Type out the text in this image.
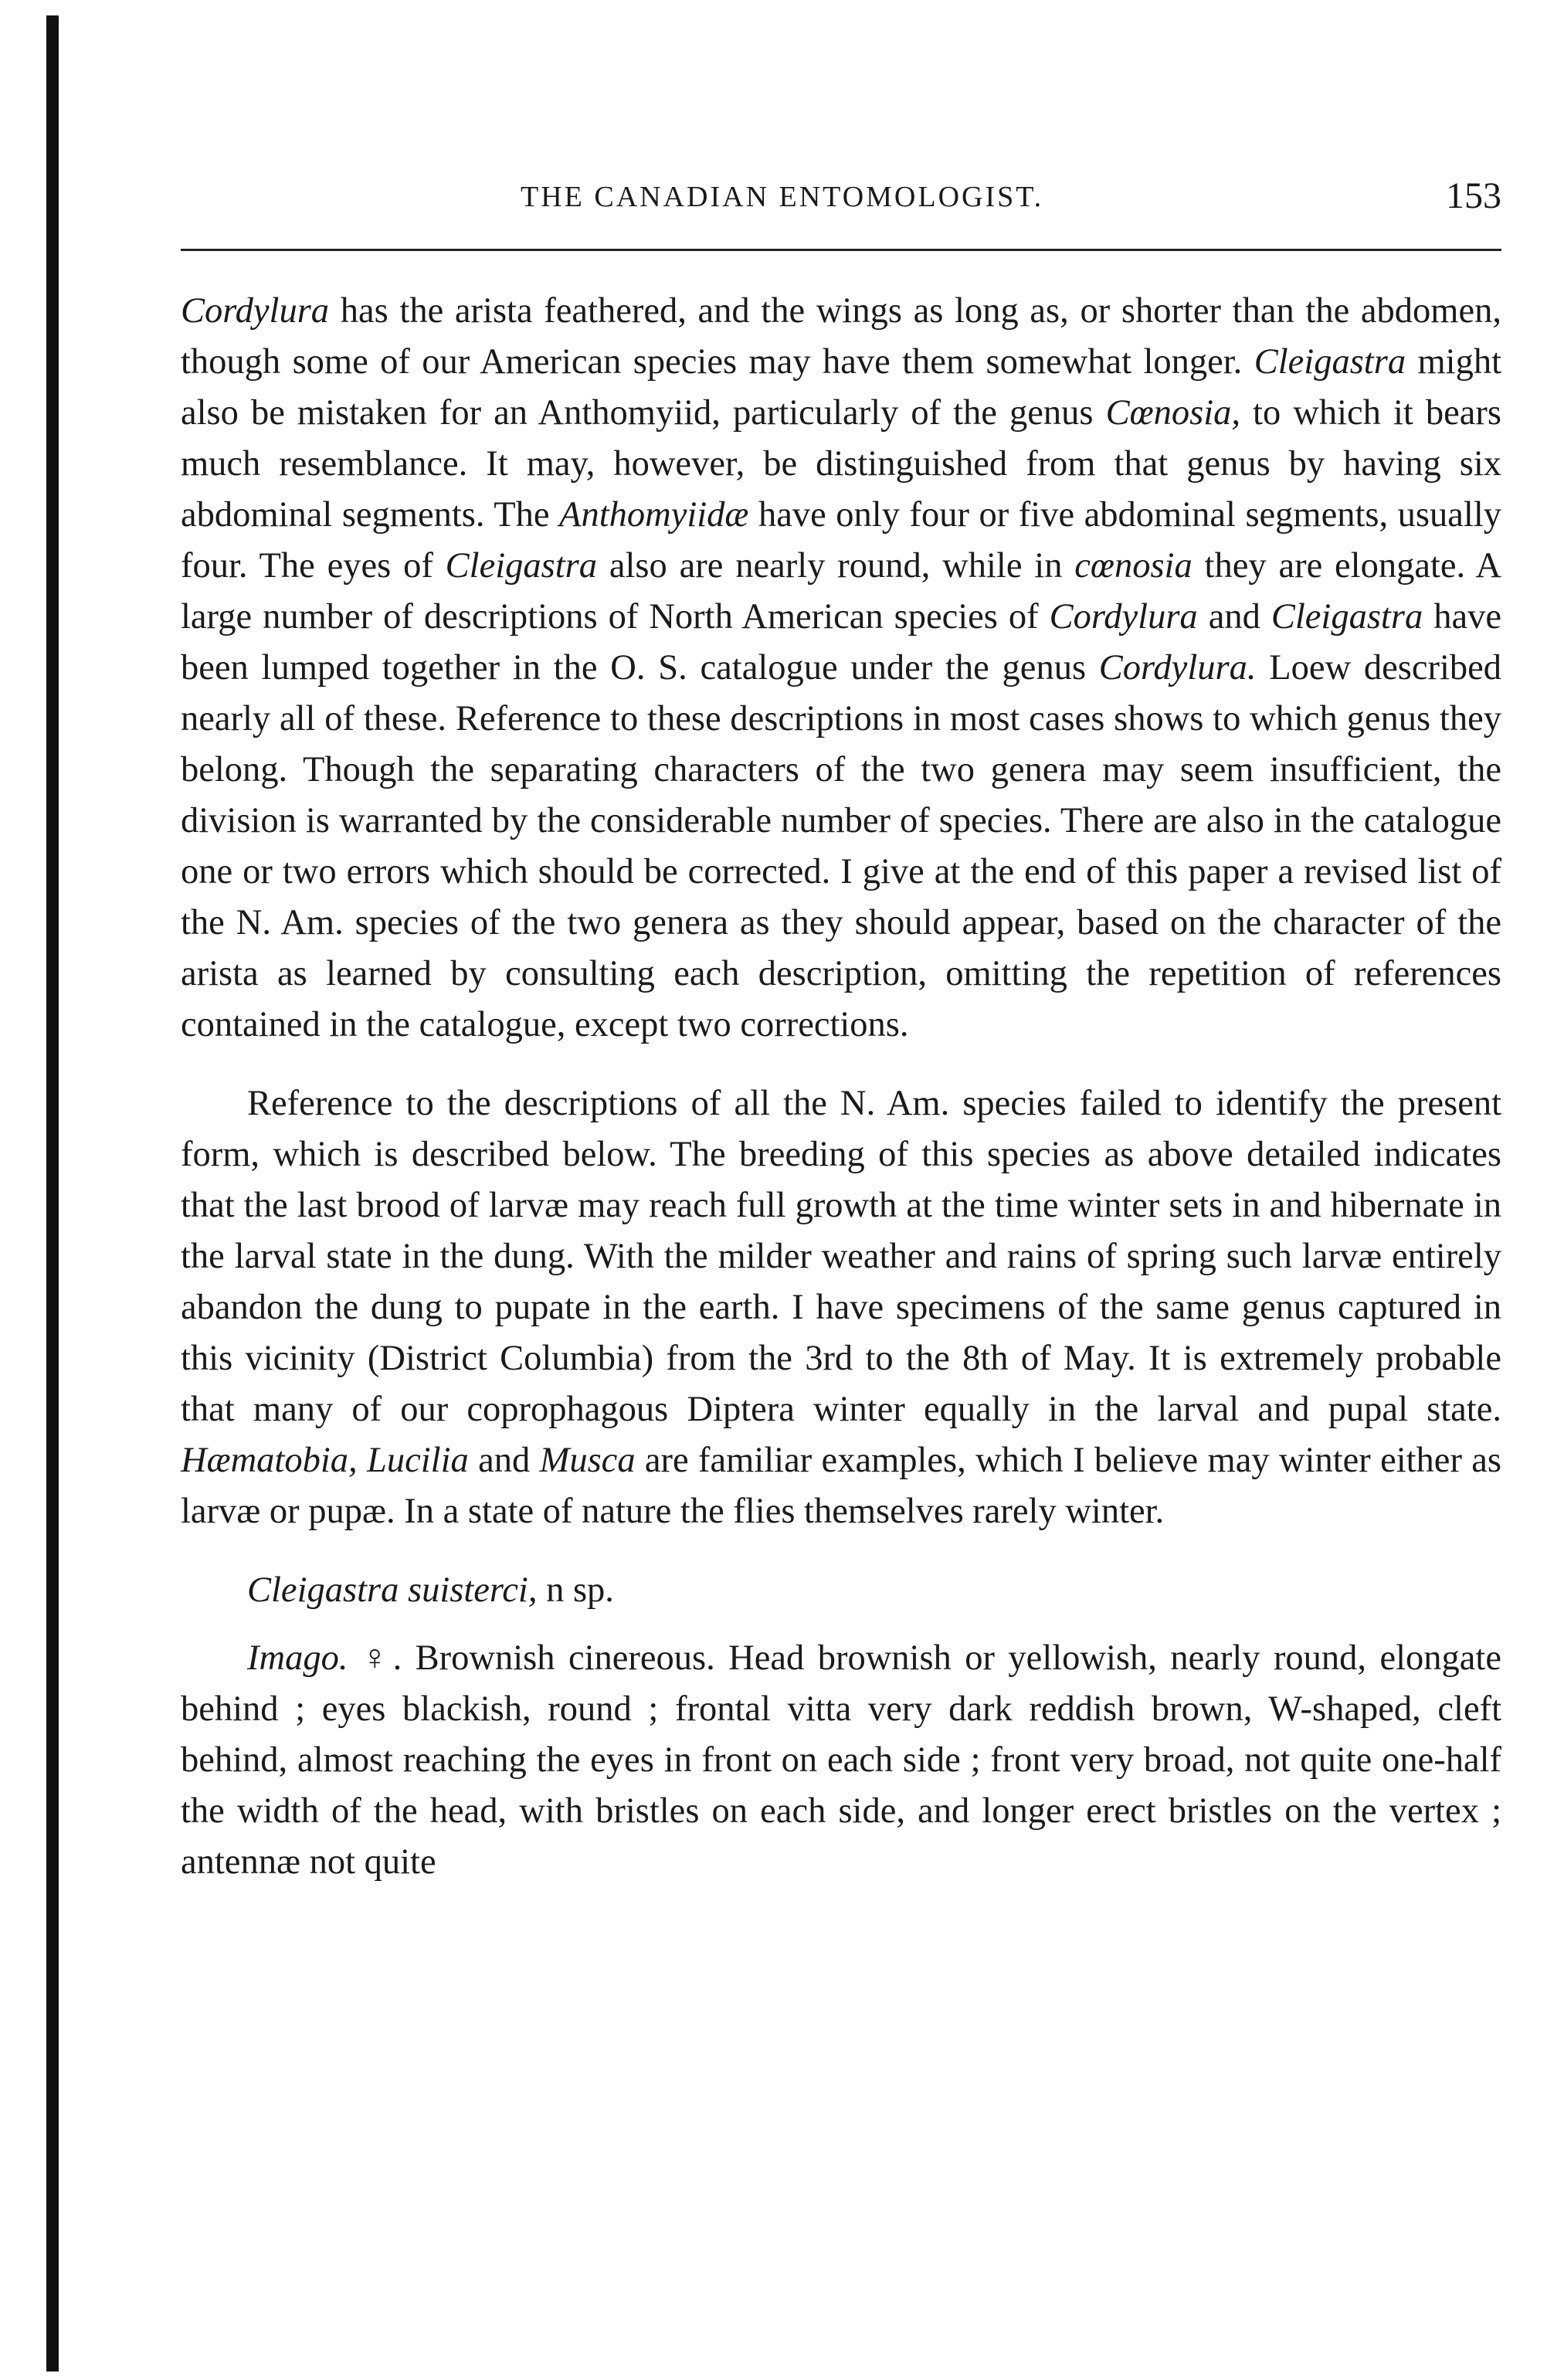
THE CANADIAN ENTOMOLOGIST.	153

Cordylura has the arista feathered, and the wings as long as, or shorter than the abdomen, though some of our American species may have them somewhat longer. Cleigastra might also be mistaken for an Anthomyiid, particularly of the genus Cœnosia, to which it bears much resemblance. It may, however, be distinguished from that genus by having six abdominal segments. The Anthomyiidæ have only four or five abdominal segments, usually four. The eyes of Cleigastra also are nearly round, while in cœnosia they are elongate. A large number of descriptions of North American species of Cordylura and Cleigastra have been lumped together in the O. S. catalogue under the genus Cordylura. Loew described nearly all of these. Reference to these descriptions in most cases shows to which genus they belong. Though the separating characters of the two genera may seem insufficient, the division is warranted by the considerable number of species. There are also in the catalogue one or two errors which should be corrected. I give at the end of this paper a revised list of the N. Am. species of the two genera as they should appear, based on the character of the arista as learned by consulting each description, omitting the repetition of references contained in the catalogue, except two corrections.

Reference to the descriptions of all the N. Am. species failed to identify the present form, which is described below. The breeding of this species as above detailed indicates that the last brood of larvæ may reach full growth at the time winter sets in and hibernate in the larval state in the dung. With the milder weather and rains of spring such larvæ entirely abandon the dung to pupate in the earth. I have specimens of the same genus captured in this vicinity (District Columbia) from the 3rd to the 8th of May. It is extremely probable that many of our coprophagous Diptera winter equally in the larval and pupal state. Hæmatobia, Lucilia and Musca are familiar examples, which I believe may winter either as larvæ or pupæ. In a state of nature the flies themselves rarely winter.

Cleigastra suisterci, n sp.

Imago. ♀. Brownish cinereous. Head brownish or yellowish, nearly round, elongate behind ; eyes blackish, round ; frontal vitta very dark reddish brown, W-shaped, cleft behind, almost reaching the eyes in front on each side ; front very broad, not quite one-half the width of the head, with bristles on each side, and longer erect bristles on the vertex ; antennæ not quite
